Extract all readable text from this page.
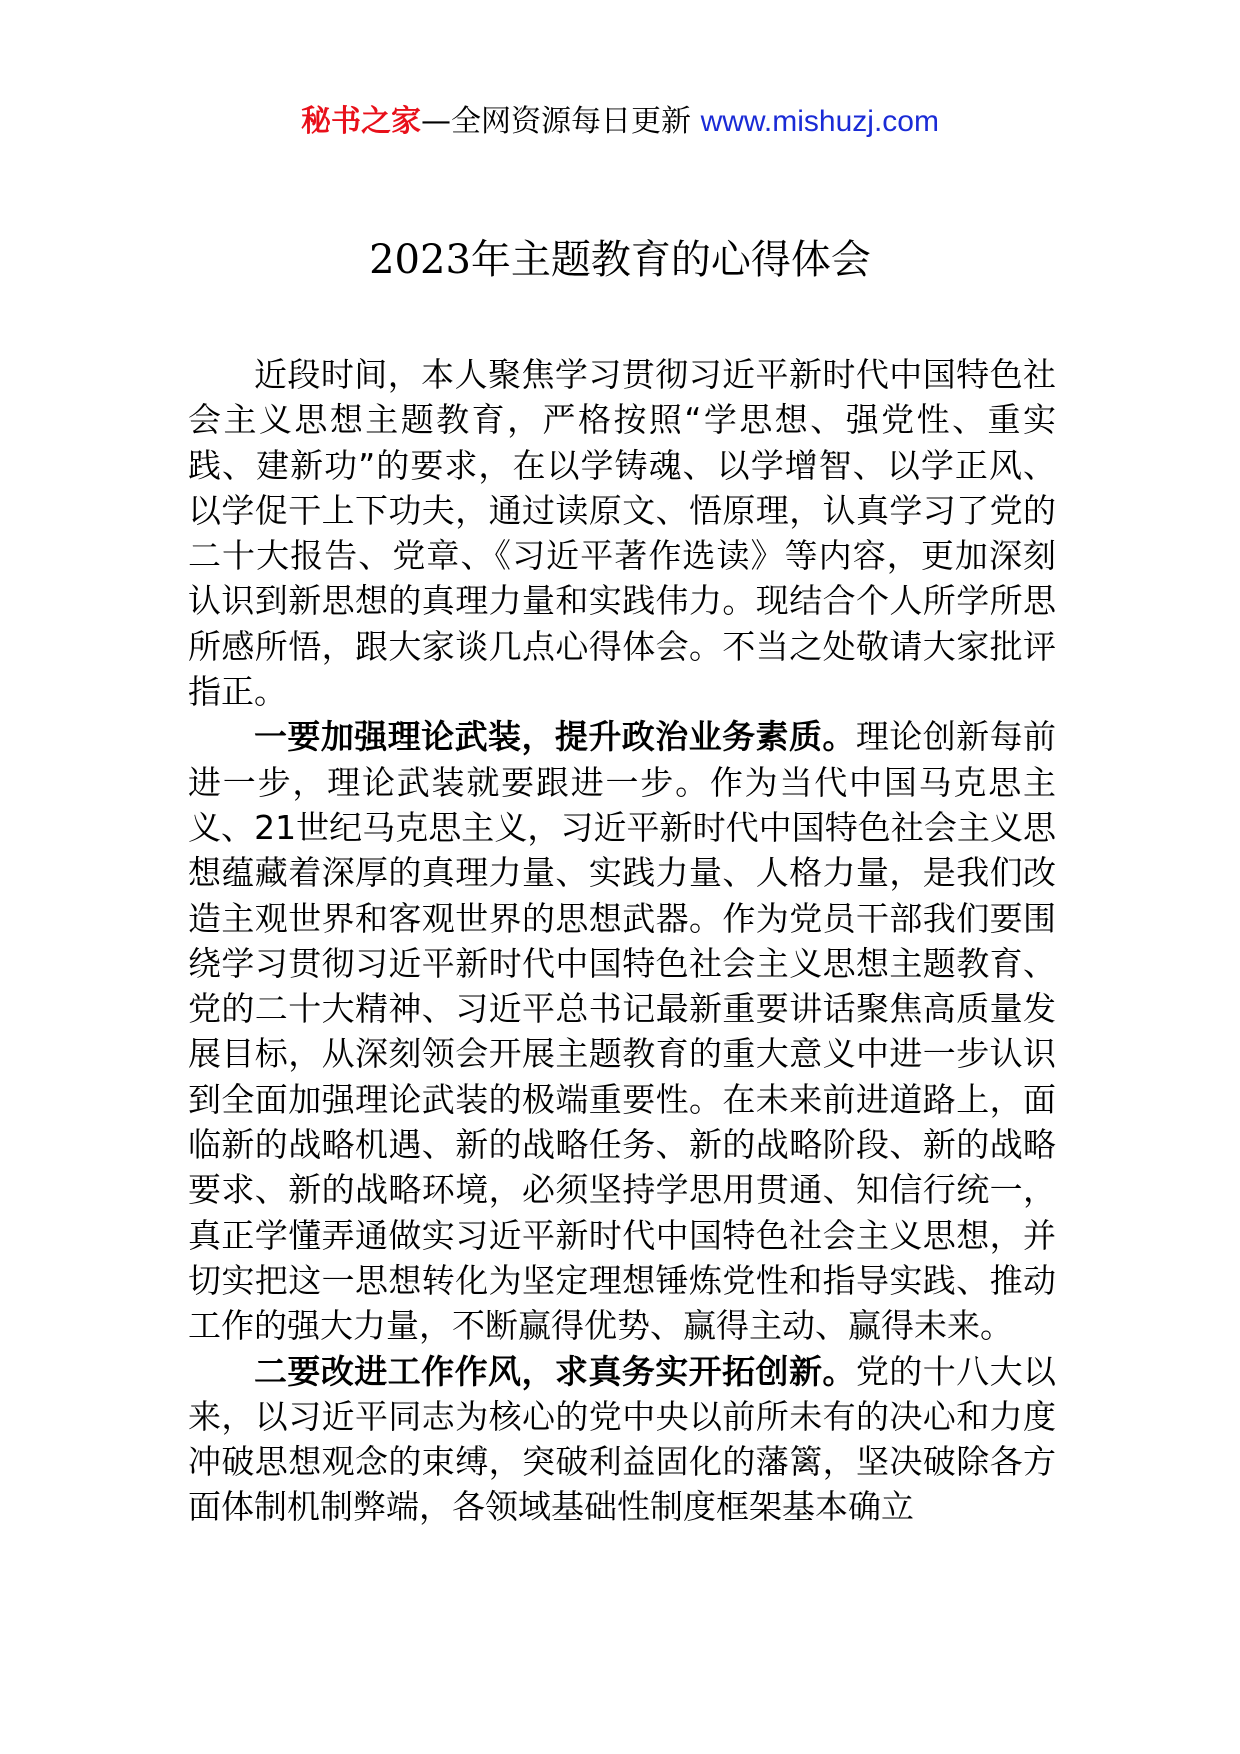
秘书之家—全网资源每日更新 www.mishuzj.com
2023年主题教育的心得体会

近段时间，本人聚焦学习贯彻习近平新时代中国特色社会主义思想主题教育，严格按照“学思想、强党性、重实践、建新功”的要求，在以学铸魂、以学增智、以学正风、以学促干上下功夫，通过读原文、悟原理，认真学习了党的二十大报告、党章、《习近平著作选读》等内容，更加深刻认识到新思想的真理力量和实践伟力。现结合个人所学所思所感所悟，跟大家谈几点心得体会。不当之处敬请大家批评指正。

一要加强理论武装，提升政治业务素质。理论创新每前进一步，理论武装就要跟进一步。作为当代中国马克思主义、21世纪马克思主义，习近平新时代中国特色社会主义思想蕴藏着深厚的真理力量、实践力量、人格力量，是我们改造主观世界和客观世界的思想武器。作为党员干部我们要围绕学习贯彻习近平新时代中国特色社会主义思想主题教育、党的二十大精神、习近平总书记最新重要讲话聚焦高质量发展目标，从深刻领会开展主题教育的重大意义中进一步认识到全面加强理论武装的极端重要性。在未来前进道路上，面临新的战略机遇、新的战略任务、新的战略阶段、新的战略要求、新的战略环境，必须坚持学思用贯通、知信行统一，真正学懂弄通做实习近平新时代中国特色社会主义思想，并切实把这一思想转化为坚定理想锤炼党性和指导实践、推动工作的强大力量，不断赢得优势、赢得主动、赢得未来。

二要改进工作作风，求真务实开拓创新。党的十八大以来，以习近平同志为核心的党中央以前所未有的决心和力度冲破思想观念的束缚，突破利益固化的藩篱，坚决破除各方面体制机制弊端，各领域基础性制度框架基本确立
